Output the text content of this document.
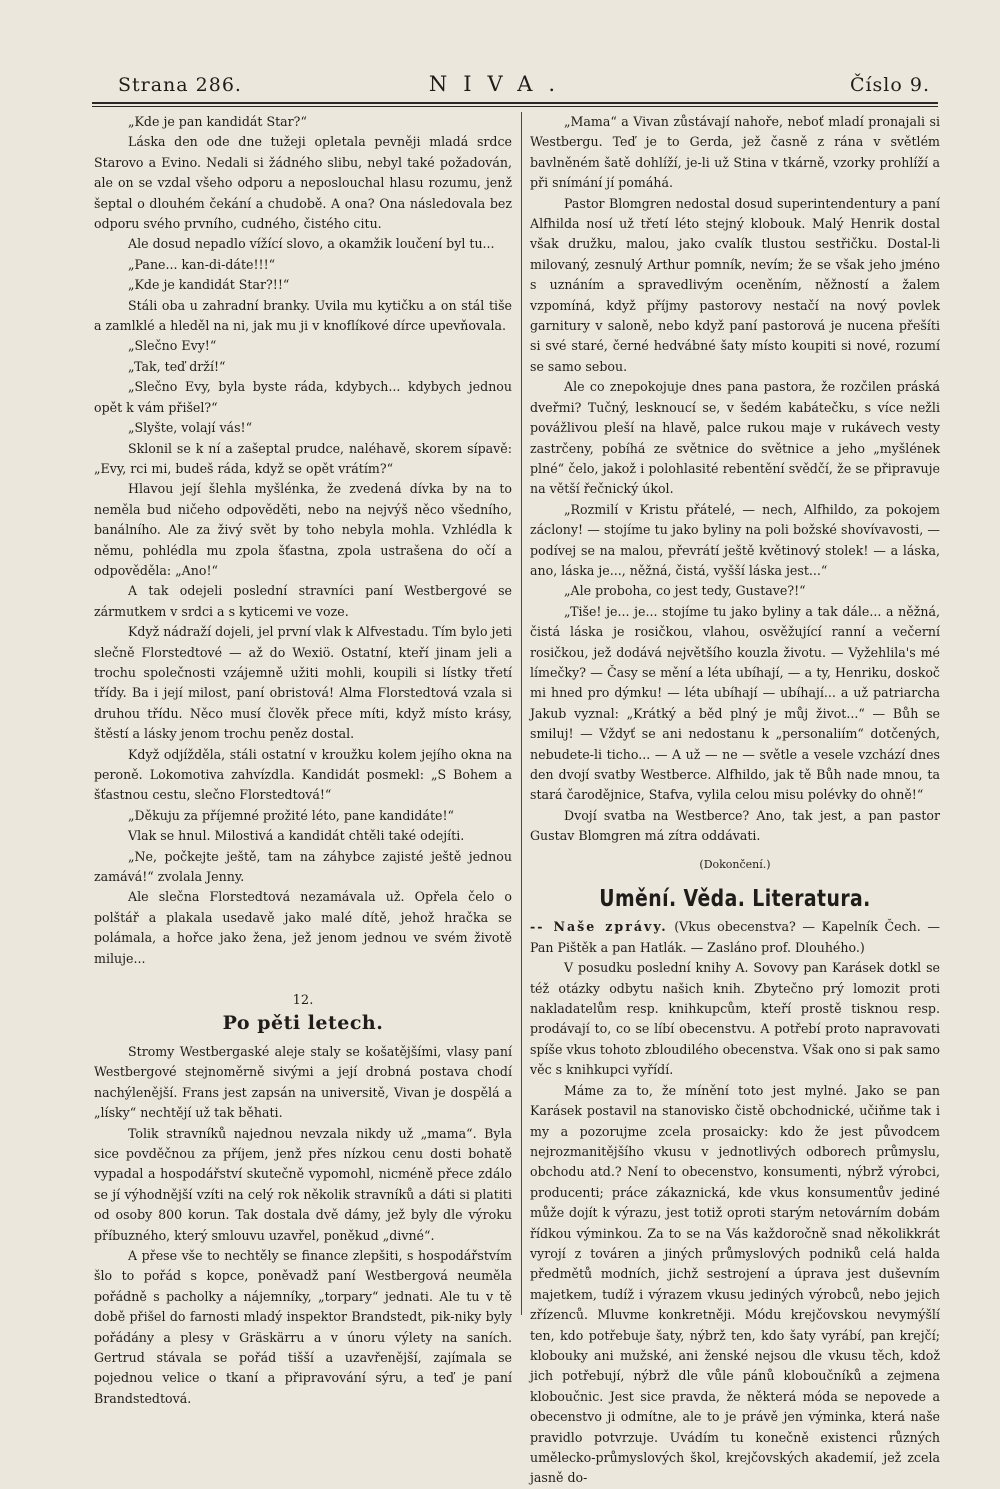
Strana 286.	NIVA.	Číslo 9.

„Kde je pan kandidát Star?“

Láska den ode dne tužeji opletala pevněji mladá srdce Starovo a Evino. Nedali si žádného slibu, nebyl také požadován, ale on se vzdal všeho odporu a neposlouchal hlasu rozumu, jenž šeptal o dlouhém čekání a chudobě. A ona? Ona následovala bez odporu svého prvního, cudného, čistého citu.

Ale dosud nepadlo vížící slovo, a okamžik loučení byl tu...

„Pane... kan-di-dáte!!!“

„Kde je kandidát Star?!!“

Stáli oba u zahradní branky. Uvila mu kytičku a on stál tiše a zamlklé a hleděl na ni, jak mu ji v knoflíkové dírce upevňovala.

„Slečno Evy!“

„Tak, teď drží!“

„Slečno Evy, byla byste ráda, kdybych... kdybych jednou opět k vám přišel?“

„Slyšte, volají vás!“

Sklonil se k ní a zašeptal prudce, naléhavě, skorem sípavě: „Evy, rci mi, budeš ráda, když se opět vrátím?“

Hlavou její šlehla myšlénka, že zvedená dívka by na to neměla bud ničeho odpověděti, nebo na nejvýš něco všedního, banálního. Ale za živý svět by toho nebyla mohla. Vzhlédla k němu, pohlédla mu zpola šťastna, zpola ustrašena do očí a odpověděla: „Ano!“

A tak odejeli poslední stravníci paní Westbergové se zármutkem v srdci a s kyticemi ve voze.

Když nádraží dojeli, jel první vlak k Alfvestadu. Tím bylo jeti slečně Florstedtové — až do Wexiö. Ostatní, kteří jinam jeli a trochu společnosti vzájemně užiti mohli, koupili si lístky třetí třídy. Ba i její milost, paní obristová! Alma Florstedtová vzala si druhou třídu. Něco musí člověk přece míti, když místo krásy, štěstí a lásky jenom trochu peněz dostal.

Když odjížděla, stáli ostatní v kroužku kolem jejího okna na peroně. Lokomotiva zahvízdla. Kandidát posmekl: „S Bohem a šťastnou cestu, slečno Florstedtová!“

„Děkuju za příjemné prožité léto, pane kandidáte!“

Vlak se hnul. Milostivá a kandidát chtěli také odejíti.

„Ne, počkejte ještě, tam na záhybce zajisté ještě jednou zamává!“ zvolala Jenny.

Ale slečna Florstedtová nezamávala už. Opřela čelo o polštář a plakala usedavě jako malé dítě, jehož hračka se polámala, a hořce jako žena, jež jenom jednou ve svém životě miluje...

12.
Po pěti letech.

Stromy Westbergaské aleje staly se košatějšími, vlasy paní Westbergové stejnoměrně sivými a její drobná postava chodí nachýlenější. Frans jest zapsán na universitě, Vivan je dospělá a „lísky“ nechtějí už tak běhati.

Tolik stravníků najednou nevzala nikdy už „mama“. Byla sice povděčnou za příjem, jenž přes nízkou cenu dosti bohatě vypadal a hospodářství skutečně vypomohl, nicméně přece zdálo se jí výhodnější vzíti na celý rok několik stravníků a dáti si platiti od osoby 800 korun. Tak dostala dvě dámy, jež byly dle výroku příbuzného, který smlouvu uzavřel, poněkud „divné“.

A přese vše to nechtěly se finance zlepšiti, s hospodářstvím šlo to pořád s kopce, poněvadž paní Westbergová neuměla pořádně s pacholky a nájemníky, „torpary“ jednati. Ale tu v tě době přišel do farnosti mladý inspektor Brandstedt, pik-niky byly pořádány a plesy v Gräskärru a v únoru výlety na saních. Gertrud stávala se pořád tišší a uzavřenější, zajímala se pojednou velice o tkaní a připravování sýru, a teď je paní Brandstedtová.

„Mama“ a Vivan zůstávají nahoře, neboť mladí pronajali si Westbergu. Teď je to Gerda, jež časně z rána v světlém bavlněném šatě dohlíží, je-li už Stina v tkárně, vzorky prohlíží a při snímání jí pomáhá.

Pastor Blomgren nedostal dosud superintendentury a paní Alfhilda nosí už třetí léto stejný klobouk. Malý Henrik dostal však družku, malou, jako cvalík tlustou sestřičku. Dostal-li milovaný, zesnulý Arthur pomník, nevím; že se však jeho jméno s uznáním a spravedlivým oceněním, něžností a žalem vzpomíná, když příjmy pastorovy nestačí na nový povlek garnitury v saloně, nebo když paní pastorová je nucena přešíti si své staré, černé hedvábné šaty místo koupiti si nové, rozumí se samo sebou.

Ale co znepokojuje dnes pana pastora, že rozčilen práská dveřmi? Tučný, lesknoucí se, v šedém kabátečku, s více nežli povážlivou pleší na hlavě, palce rukou maje v rukávech vesty zastrčeny, pobíhá ze světnice do světnice a jeho „myšlének plné“ čelo, jakož i polohlasité rebentění svědčí, že se připravuje na větší řečnický úkol.

„Rozmilí v Kristu přátelé, — nech, Alfhildo, za pokojem záclony! — stojíme tu jako byliny na poli božské shovívavosti, — podívej se na malou, převrátí ještě květinový stolek! — a láska, ano, láska je..., něžná, čistá, vyšší láska jest...“

„Ale proboha, co jest tedy, Gustave?!“

„Tiše! je... je... stojíme tu jako byliny a tak dále... a něžná, čistá láska je rosičkou, vlahou, osvěžující ranní a večerní rosičkou, jež dodává největšího kouzla životu. — Vyžehlila's mé límečky? — Časy se mění a léta ubíhají, — a ty, Henriku, doskoč mi hned pro dýmku! — léta ubíhají — ubíhají... a už patriarcha Jakub vyznal: „Krátký a běd plný je můj život...“ — Bůh se smiluj! — Vždyť se ani nedostanu k „personaliím“ dotčených, nebudete-li ticho... — A už — ne — světle a vesele vzchází dnes den dvojí svatby Westberce. Alfhildo, jak tě Bůh nade mnou, ta stará čarodějnice, Stafva, vylila celou misu polévky do ohně!“

Dvojí svatba na Westberce? Ano, tak jest, a pan pastor Gustav Blomgren má zítra oddávati.

(Dokončení.)
Umění. Věda. Literatura.

-- Naše zprávy. (Vkus obecenstva? — Kapelník Čech. — Pan Pištěk a pan Hatlák. — Zasláno prof. Dlouhého.)

V posudku poslední knihy A. Sovovy pan Karásek dotkl se též otázky odbytu našich knih. Zbytečno prý lomozit proti nakladatelům resp. knihkupcům, kteří prostě tisknou resp. prodávají to, co se líbí obecenstvu. A potřebí proto napravovati spíše vkus tohoto zbloudilého obecenstva. Však ono si pak samo věc s knihkupci vyřídí.

Máme za to, že mínění toto jest mylné. Jako se pan Karásek postavil na stanovisko čistě obchodnické, učiňme tak i my a pozorujme zcela prosaicky: kdo že jest původcem nejrozmanitějšího vkusu v jednotlivých odborech průmyslu, obchodu atd.? Není to obecenstvo, konsumenti, nýbrž výrobci, producenti; práce zákaznická, kde vkus konsumentův jediné může dojít k výrazu, jest totiž oproti starým netovárním dobám řídkou výminkou. Za to se na Vás každoročně snad několikkrát vyrojí z továren a jiných průmyslových podniků celá halda předmětů modních, jichž sestrojení a úprava jest duševním majetkem, tudíž i výrazem vkusu jediných výrobců, nebo jejich zřízenců. Mluvme konkretněji. Módu krejčovskou nevymýšlí ten, kdo potřebuje šaty, nýbrž ten, kdo šaty vyrábí, pan krejčí; klobouky ani mužské, ani ženské nejsou dle vkusu těch, kdož jich potřebují, nýbrž dle vůle pánů kloboučníků a zejmena kloboučnic. Jest sice pravda, že některá móda se nepovede a obecenstvo ji odmítne, ale to je právě jen výminka, která naše pravidlo potvrzuje. Uvádím tu konečně existenci různých umělecko-průmyslových škol, krejčovských akademií, jež zcela jasně do-
